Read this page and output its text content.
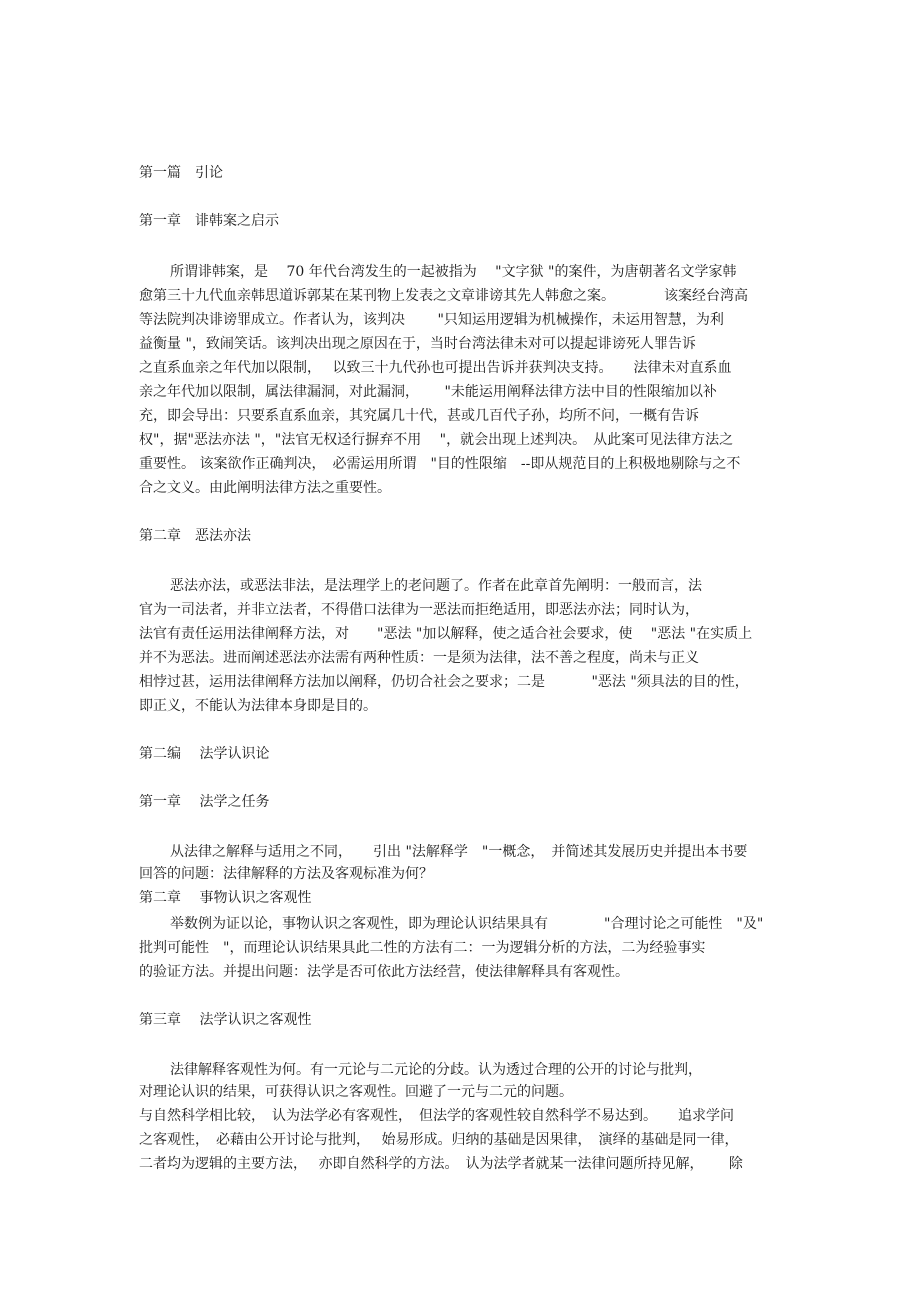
第一篇　引论
第一章　诽韩案之启示
所谓诽韩案，是　 70 年代台湾发生的一起被指为　 "文字狱 "的案件，为唐朝著名文学家韩
愈第三十九代血亲韩思道诉郭某在某刊物上发表之文章诽谤其先人韩愈之案。　　　　该案经台湾高
等法院判决诽谤罪成立。作者认为，该判决　　 "只知运用逻辑为机械操作，未运用智慧，为利
益衡量 "，致闹笑话。该判决出现之原因在于，当时台湾法律未对可以提起诽谤死人罪告诉
之直系血亲之年代加以限制，　 以致三十九代孙也可提出告诉并获判决支持。　　法律未对直系血
亲之年代加以限制，属法律漏洞，对此漏洞，　　 "未能运用阐释法律方法中目的性限缩加以补
充，即会导出：只要系直系血亲，其究属几十代，甚或几百代子孙，均所不问，一概有告诉
权"，据"恶法亦法 "，"法官无权迳行摒弃不用　 "，就会出现上述判决。　从此案可见法律方法之
重要性。 该案欲作正确判决，　必需运用所谓　"目的性限缩　--即从规范目的上积极地剔除与之不
合之文义。由此阐明法律方法之重要性。
第二章　恶法亦法
恶法亦法，或恶法非法，是法理学上的老问题了。作者在此章首先阐明：一般而言，法
官为一司法者，并非立法者，不得借口法律为一恶法而拒绝适用，即恶法亦法；同时认为，
法官有责任运用法律阐释方法，对　　"恶法 "加以解释，使之适合社会要求，使　 "恶法 "在实质上
并不为恶法。进而阐述恶法亦法需有两种性质：一是须为法律，法不善之程度，尚未与正义
相悖过甚，运用法律阐释方法加以阐释，仍切合社会之要求；二是　　　 "恶法 "须具法的目的性，
即正义，不能认为法律本身即是目的。
第二编　 法学认识论
第一章　 法学之任务
从法律之解释与适用之不同，　　引出 "法解释学　"一概念，　并简述其发展历史并提出本书要
回答的问题：法律解释的方法及客观标准为何？
第二章　 事物认识之客观性
举数例为证以论，事物认识之客观性，即为理论认识结果具有　　　　"合理讨论之可能性　"及"
批判可能性　"，而理论认识结果具此二性的方法有二：一为逻辑分析的方法，二为经验事实
的验证方法。并提出问题：法学是否可依此方法经营，使法律解释具有客观性。
第三章　 法学认识之客观性
法律解释客观性为何。有一元论与二元论的分歧。认为透过合理的公开的讨论与批判，
对理论认识的结果，可获得认识之客观性。回避了一元与二元的问题。
与自然科学相比较，　认为法学必有客观性，　但法学的客观性较自然科学不易达到。　　追求学问
之客观性，　必藉由公开讨论与批判，　 始易形成。归纳的基础是因果律，　演绎的基础是同一律，
二者均为逻辑的主要方法，　 亦即自然科学的方法。　认为法学者就某一法律问题所持见解，　　 除
